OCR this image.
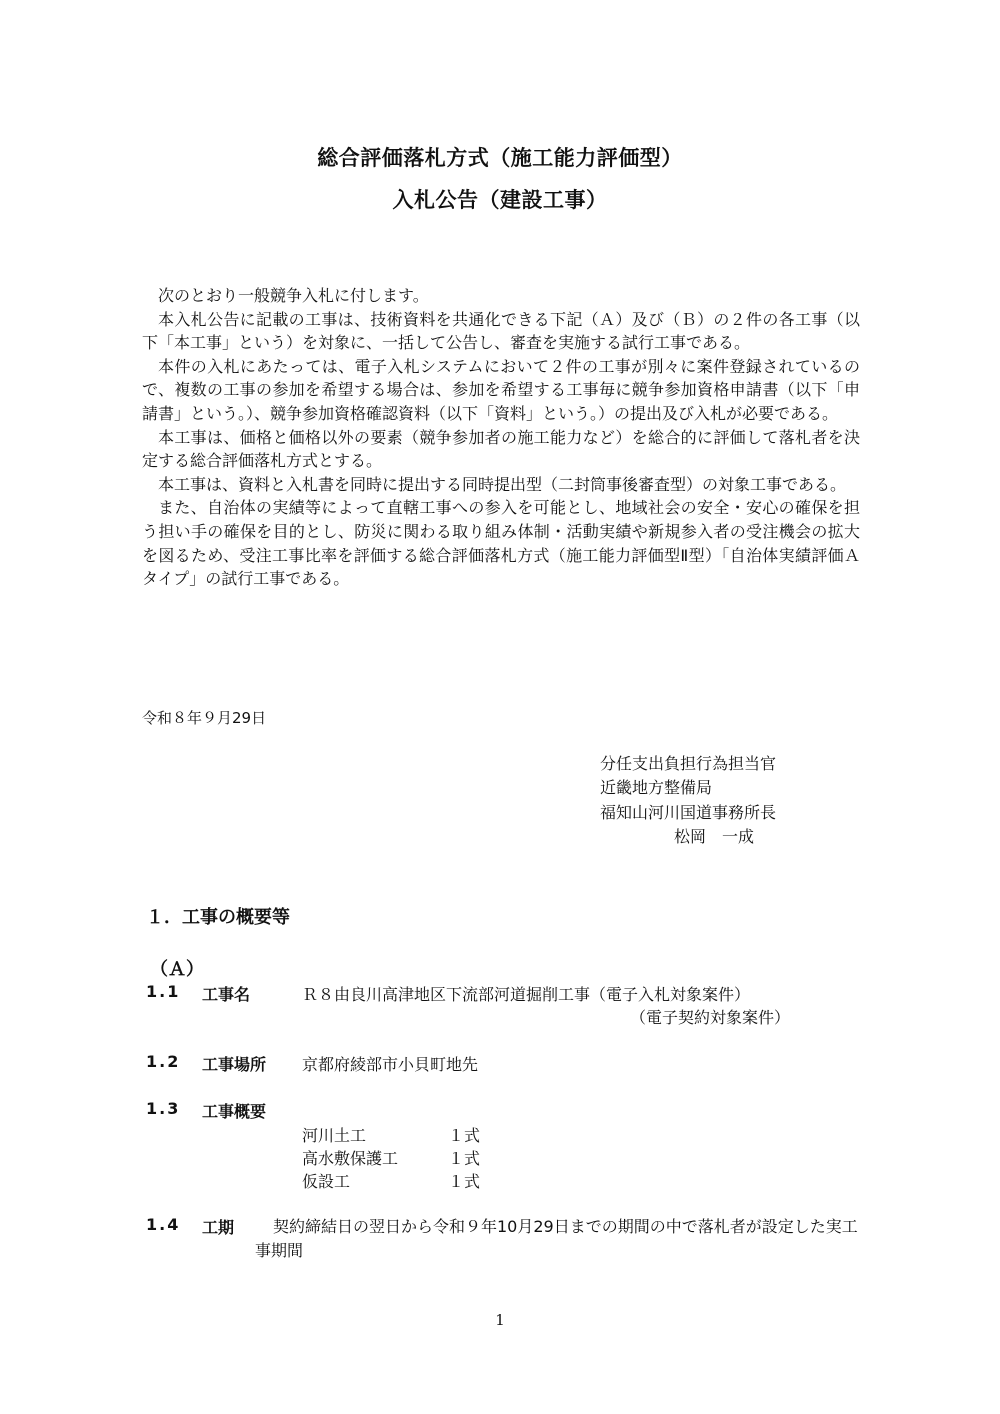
総合評価落札方式（施工能力評価型）
入札公告（建設工事）

次のとおり一般競争入札に付します。

本入札公告に記載の工事は、技術資料を共通化できる下記（Ａ）及び（Ｂ）の２件の各工事（以下「本工事」という）を対象に、一括して公告し、審査を実施する試行工事である。

本件の入札にあたっては、電子入札システムにおいて２件の工事が別々に案件登録されているので、複数の工事の参加を希望する場合は、参加を希望する工事毎に競争参加資格申請書（以下「申請書」という。）、競争参加資格確認資料（以下「資料」という。）の提出及び入札が必要である。

本工事は、価格と価格以外の要素（競争参加者の施工能力など）を総合的に評価して落札者を決定する総合評価落札方式とする。

本工事は、資料と入札書を同時に提出する同時提出型（二封筒事後審査型）の対象工事である。

また、自治体の実績等によって直轄工事への参入を可能とし、地域社会の安全・安心の確保を担う担い手の確保を目的とし、防災に関わる取り組み体制・活動実績や新規参入者の受注機会の拡大を図るため、受注工事比率を評価する総合評価落札方式（施工能力評価型Ⅱ型）「自治体実績評価Ａタイプ」の試行工事である。

令和８年９月29日
分任支出負担行為担当官
近畿地方整備局
福知山河川国道事務所長
松岡　一成
１．工事の概要等
（Ａ）
1.1 工事名	Ｒ８由良川高津地区下流部河道掘削工事（電子入札対象案件）
（電子契約対象案件）
1.2 工事場所 京都府綾部市小貝町地先
1.3 工事概要
河川土工	１式
高水敷保護工	１式
仮設工	１式
1.4 工期	契約締結日の翌日から令和９年10月29日までの期間の中で落札者が設定した実工事期間
1
